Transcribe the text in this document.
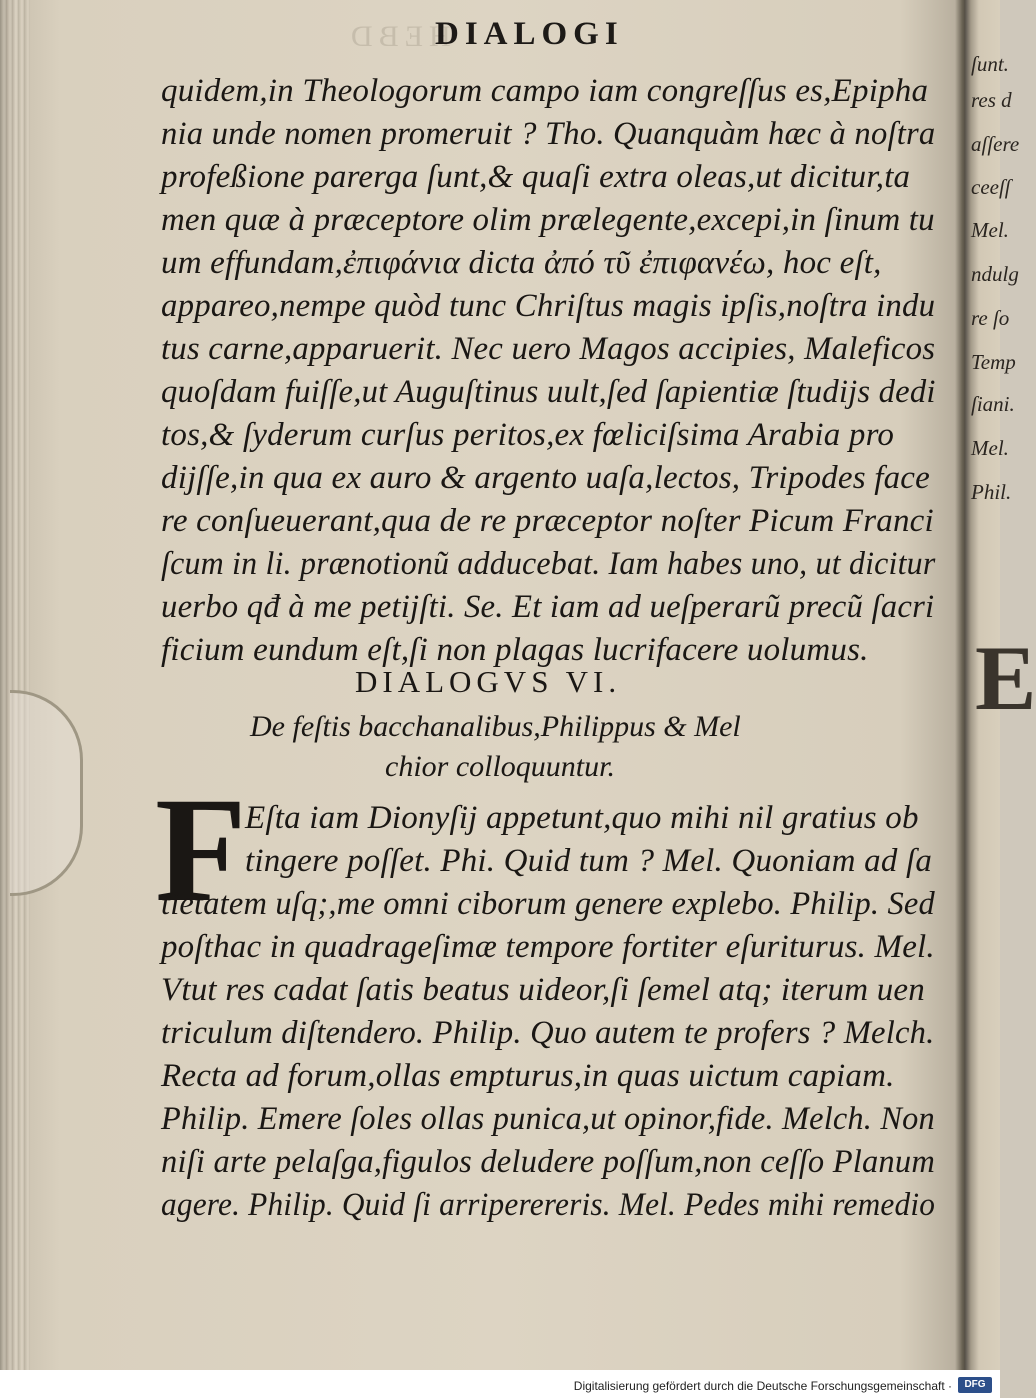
ſunt.
res d
aſſere
ceeſſ
Mel.
ndulg
re ſo
Temp
ſiani.
Mel.
Phil.
E
HEBD
DIALOGI
quidem,in Theologorum campo iam congreſſus es,Epipha
nia unde nomen promeruit ? Tho. Quanquàm hæc à noſtra
profeßione parerga ſunt,& quaſi extra oleas,ut dicitur,ta
men quæ à præceptore olim prælegente,excepi,in ſinum tu
um effundam,ἐπιφάνια dicta ἀπό τῦ ἐπιφανέω, hoc eſt,
appareo,nempe quòd tunc Chriſtus magis ipſis,noſtra indu
tus carne,apparuerit. Nec uero Magos accipies, Maleficos
quoſdam fuiſſe,ut Auguſtinus uult,ſed ſapientiæ ſtudijs dedi
tos,& ſyderum curſus peritos,ex fœliciſsima Arabia pro
dijſſe,in qua ex auro & argento uaſa,lectos, Tripodes face
re conſueuerant,qua de re præceptor noſter Picum Franci
ſcum in li. prænotionũ adducebat. Iam habes uno, ut dicitur
uerbo qđ à me petijſti. Se. Et iam ad ueſperarũ precũ ſacri
ficium eundum eſt,ſi non plagas lucrifacere uolumus.
DIALOGVS VI.
De feſtis bacchanalibus,Philippus & Mel
chior colloquuntur.
F
Eſta iam Dionyſij appetunt,quo mihi nil gratius ob
tingere poſſet. Phi. Quid tum ? Mel. Quoniam ad ſa
tietatem uſq;,me omni ciborum genere explebo. Philip. Sed
poſthac in quadrageſimæ tempore fortiter eſuriturus. Mel.
Vtut res cadat ſatis beatus uideor,ſi ſemel atq; iterum uen
triculum diſtendero. Philip. Quo autem te profers ? Melch.
Recta ad forum,ollas empturus,in quas uictum capiam.
Philip. Emere ſoles ollas punica,ut opinor,fide. Melch. Non
niſi arte pelaſga,figulos deludere poſſum,non ceſſo Planum
agere. Philip. Quid ſi arriperereris. Mel. Pedes mihi remedio
Digitalisierung gefördert durch die Deutsche Forschungsgemeinschaft ·	DFG
